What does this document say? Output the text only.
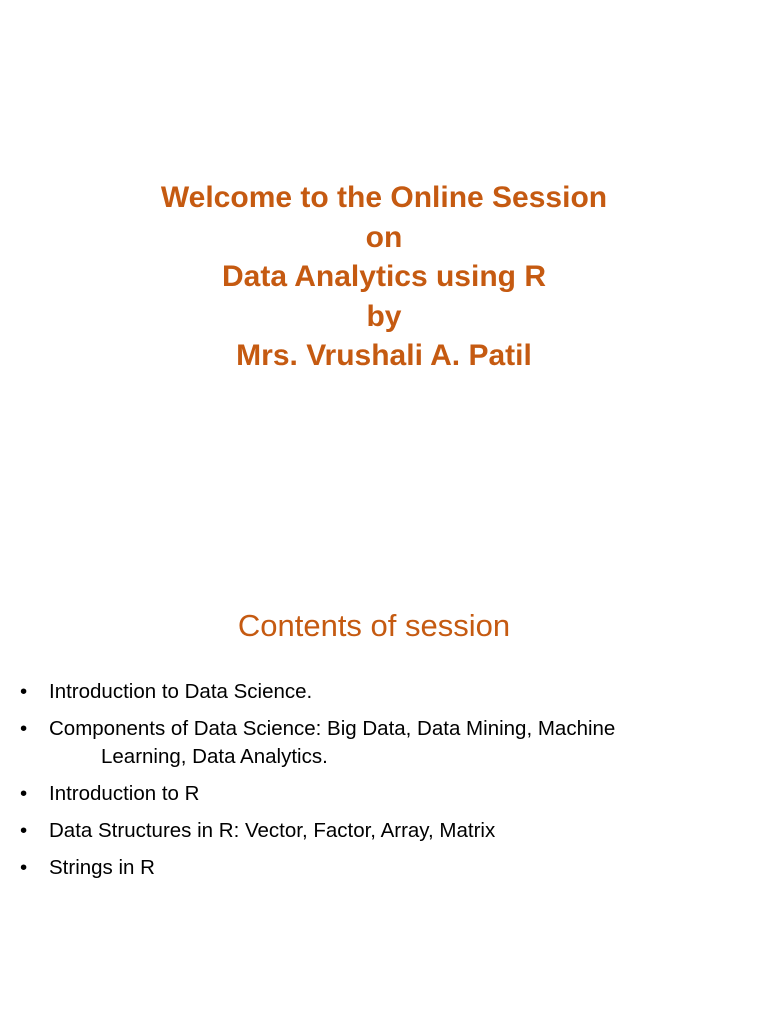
Welcome to the Online Session
on
Data Analytics using R
by
Mrs. Vrushali A. Patil
Contents of session
• Introduction to Data Science.
• Components of Data Science: Big Data, Data Mining, Machine
Learning, Data Analytics.
• Introduction to R
• Data Structures in R: Vector, Factor, Array, Matrix
• Strings in R
